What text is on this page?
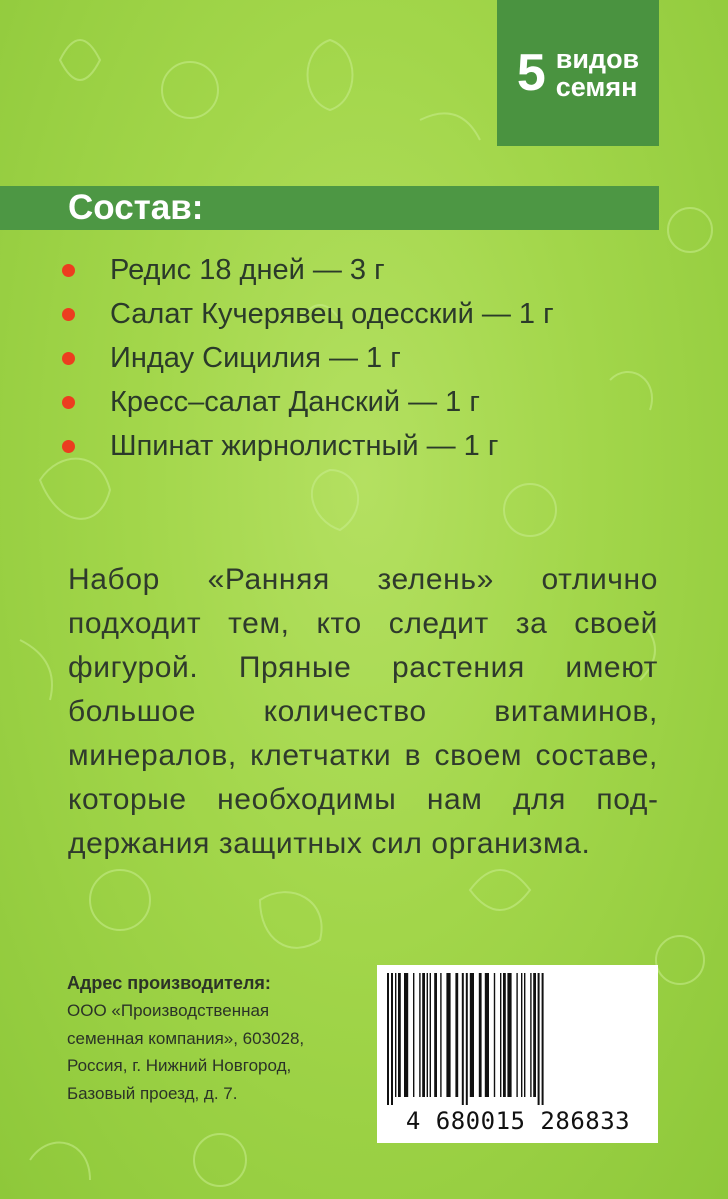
5 видов
семян
Состав:
Редис 18 дней — 3 г
Салат Кучерявец одесский — 1 г
Индау Сицилия — 1 г
Кресс–салат Данский — 1 г
Шпинат жирнолистный — 1 г

Набор «Ранняя зелень» отлично подходит тем, кто следит за своей фигурой. Пряные растения имеют большое количество витаминов, минералов, клетчатки в своем составе, которые необходимы нам для поддержания защитных сил организма.

Адрес производителя:
ООО «Производственная
семенная компания», 603028,
Россия, г. Нижний Новгород,
Базовый проезд, д. 7.
4 680015 286833
